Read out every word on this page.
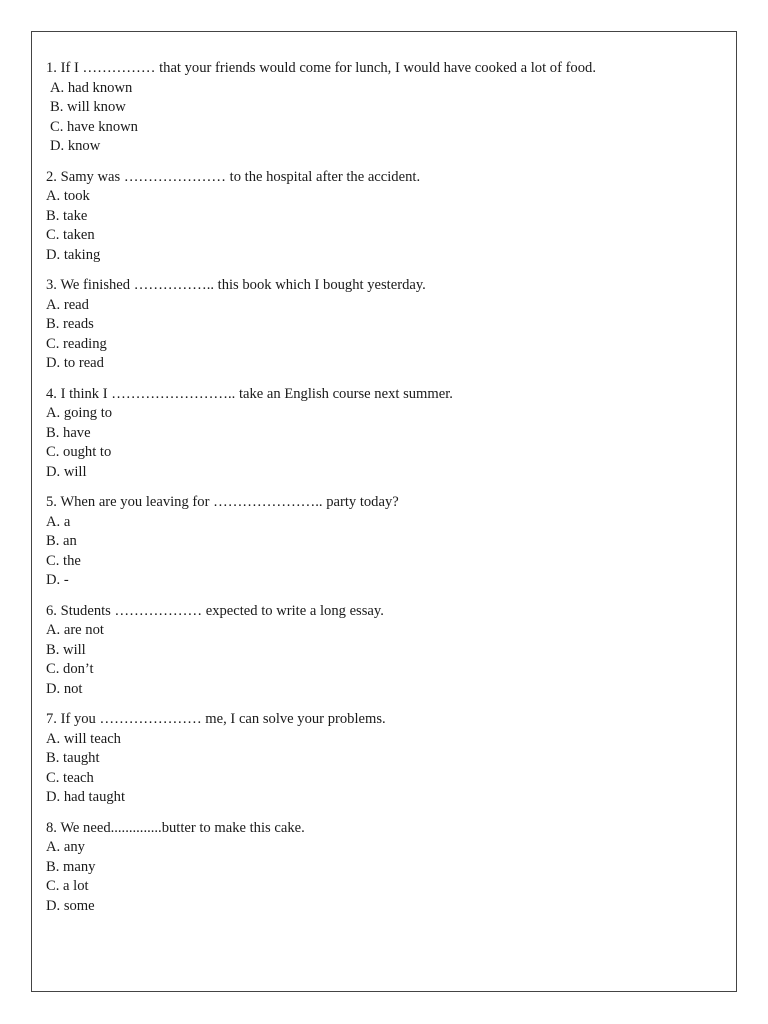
1. If I …………… that your friends would come for lunch, I would have cooked a lot of food.
A. had known
B. will know
C. have known
D. know
2. Samy was ………………… to the hospital after the accident.
A. took
B. take
C. taken
D. taking
3. We finished …………….. this book which I bought yesterday.
A. read
B. reads
C. reading
D. to read
4. I think I …………………….. take an English course next summer.
A. going to
B. have
C. ought to
D. will
5. When are you leaving for ………………….. party today?
A. a
B. an
C. the
D. -
6. Students ……………… expected to write a long essay.
A. are not
B. will
C. don’t
D. not
7. If you ………………… me, I can solve your problems.
A. will teach
B. taught
C. teach
D. had taught
8. We need..............butter to make this cake.
A. any
B. many
C. a lot
D. some
